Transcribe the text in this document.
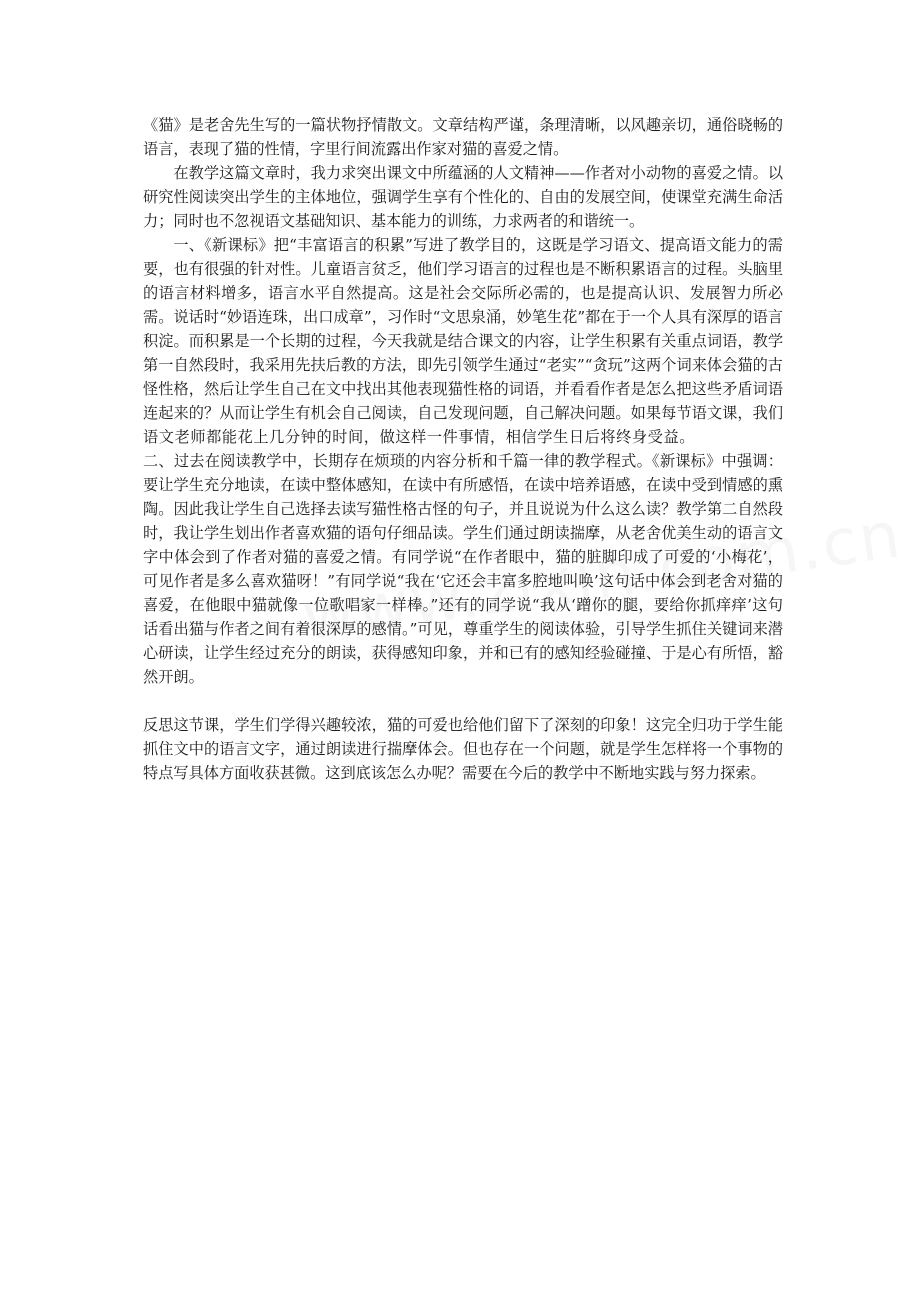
《猫》是老舍先生写的一篇状物抒情散文。文章结构严谨，条理清晰，以风趣亲切，通俗晓畅的语言，表现了猫的性情，字里行间流露出作家对猫的喜爱之情。

在教学这篇文章时，我力求突出课文中所蕴涵的人文精神——作者对小动物的喜爱之情。以研究性阅读突出学生的主体地位，强调学生享有个性化的、自由的发展空间，使课堂充满生命活力；同时也不忽视语文基础知识、基本能力的训练，力求两者的和谐统一。

一、《新课标》把“丰富语言的积累”写进了教学目的，这既是学习语文、提高语文能力的需要，也有很强的针对性。儿童语言贫乏，他们学习语言的过程也是不断积累语言的过程。头脑里的语言材料增多，语言水平自然提高。这是社会交际所必需的，也是提高认识、发展智力所必需。说话时“妙语连珠，出口成章”，习作时“文思泉涌，妙笔生花”都在于一个人具有深厚的语言积淀。而积累是一个长期的过程，今天我就是结合课文的内容，让学生积累有关重点词语，教学第一自然段时，我采用先扶后教的方法，即先引领学生通过“老实”“贪玩”这两个词来体会猫的古怪性格，然后让学生自己在文中找出其他表现猫性格的词语，并看看作者是怎么把这些矛盾词语连起来的？从而让学生有机会自己阅读，自己发现问题，自己解决问题。如果每节语文课，我们语文老师都能花上几分钟的时间，做这样一件事情，相信学生日后将终身受益。二、过去在阅读教学中，长期存在烦琐的内容分析和千篇一律的教学程式。《新课标》中强调：要让学生充分地读，在读中整体感知，在读中有所感悟，在读中培养语感，在读中受到情感的熏陶。因此我让学生自己选择去读写猫性格古怪的句子，并且说说为什么这么读？教学第二自然段时，我让学生划出作者喜欢猫的语句仔细品读。学生们通过朗读揣摩，从老舍优美生动的语言文字中体会到了作者对猫的喜爱之情。有同学说“在作者眼中，猫的脏脚印成了可爱的‘小梅花’，可见作者是多么喜欢猫呀！”有同学说“我在‘它还会丰富多腔地叫唤’这句话中体会到老舍对猫的喜爱，在他眼中猫就像一位歌唱家一样棒。”还有的同学说“我从‘蹭你的腿，要给你抓痒痒’这句话看出猫与作者之间有着很深厚的感情。”可见，尊重学生的阅读体验，引导学生抓住关键词来潜心研读，让学生经过充分的朗读，获得感知印象，并和已有的感知经验碰撞、于是心有所悟，豁然开朗。

反思这节课，学生们学得兴趣较浓，猫的可爱也给他们留下了深刻的印象！这完全归功于学生能抓住文中的语言文字，通过朗读进行揣摩体会。但也存在一个问题，就是学生怎样将一个事物的特点写具体方面收获甚微。这到底该怎么办呢？需要在今后的教学中不断地实践与努力探索。
